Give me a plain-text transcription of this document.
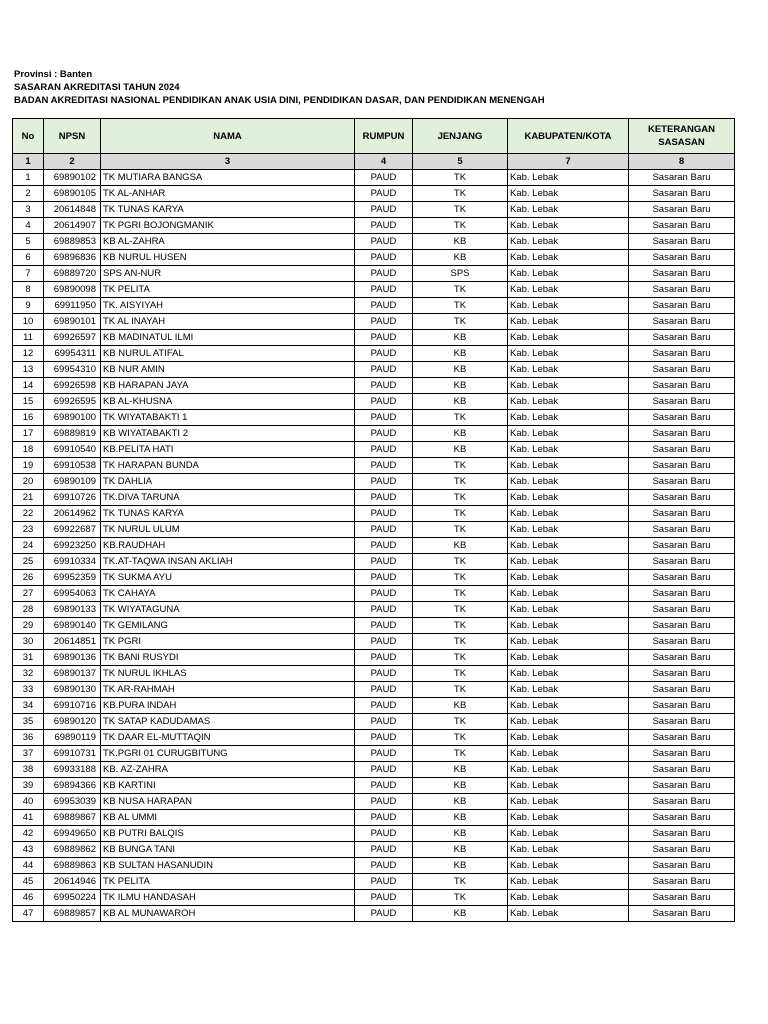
Provinsi : Banten
SASARAN AKREDITASI TAHUN 2024
BADAN AKREDITASI NASIONAL PENDIDIKAN ANAK USIA DINI, PENDIDIKAN DASAR, DAN PENDIDIKAN MENENGAH
No	NPSN	NAMA	RUMPUN	JENJANG	KABUPATEN/KOTA	KETERANGAN
SASASAN

1	2	3	4	5	7	8
1	69890102	TK MUTIARA BANGSA	PAUD	TK	Kab. Lebak	Sasaran Baru
2	69890105	TK AL-ANHAR	PAUD	TK	Kab. Lebak	Sasaran Baru
3	20614848	TK TUNAS KARYA	PAUD	TK	Kab. Lebak	Sasaran Baru
4	20614907	TK PGRI BOJONGMANIK	PAUD	TK	Kab. Lebak	Sasaran Baru
5	69889853	KB AL-ZAHRA	PAUD	KB	Kab. Lebak	Sasaran Baru
6	69896836	KB NURUL HUSEN	PAUD	KB	Kab. Lebak	Sasaran Baru
7	69889720	SPS AN-NUR	PAUD	SPS	Kab. Lebak	Sasaran Baru
8	69890098	TK PELITA	PAUD	TK	Kab. Lebak	Sasaran Baru
9	69911950	TK. AISYIYAH	PAUD	TK	Kab. Lebak	Sasaran Baru
10	69890101	TK AL INAYAH	PAUD	TK	Kab. Lebak	Sasaran Baru
11	69926597	KB MADINATUL ILMI	PAUD	KB	Kab. Lebak	Sasaran Baru
12	69954311	KB NURUL ATIFAL	PAUD	KB	Kab. Lebak	Sasaran Baru
13	69954310	KB NUR AMIN	PAUD	KB	Kab. Lebak	Sasaran Baru
14	69926598	KB HARAPAN JAYA	PAUD	KB	Kab. Lebak	Sasaran Baru
15	69926595	KB AL-KHUSNA	PAUD	KB	Kab. Lebak	Sasaran Baru
16	69890100	TK WIYATABAKTI 1	PAUD	TK	Kab. Lebak	Sasaran Baru
17	69889819	KB WIYATABAKTI 2	PAUD	KB	Kab. Lebak	Sasaran Baru
18	69910540	KB.PELITA HATI	PAUD	KB	Kab. Lebak	Sasaran Baru
19	69910538	TK HARAPAN BUNDA	PAUD	TK	Kab. Lebak	Sasaran Baru
20	69890109	TK DAHLIA	PAUD	TK	Kab. Lebak	Sasaran Baru
21	69910726	TK.DIVA TARUNA	PAUD	TK	Kab. Lebak	Sasaran Baru
22	20614962	TK TUNAS KARYA	PAUD	TK	Kab. Lebak	Sasaran Baru
23	69922687	TK NURUL ULUM	PAUD	TK	Kab. Lebak	Sasaran Baru
24	69923250	KB.RAUDHAH	PAUD	KB	Kab. Lebak	Sasaran Baru
25	69910334	TK.AT-TAQWA INSAN AKLIAH	PAUD	TK	Kab. Lebak	Sasaran Baru
26	69952359	TK SUKMA AYU	PAUD	TK	Kab. Lebak	Sasaran Baru
27	69954063	TK CAHAYA	PAUD	TK	Kab. Lebak	Sasaran Baru
28	69890133	TK WIYATAGUNA	PAUD	TK	Kab. Lebak	Sasaran Baru
29	69890140	TK GEMILANG	PAUD	TK	Kab. Lebak	Sasaran Baru
30	20614851	TK PGRI	PAUD	TK	Kab. Lebak	Sasaran Baru
31	69890136	TK BANI RUSYDI	PAUD	TK	Kab. Lebak	Sasaran Baru
32	69890137	TK NURUL IKHLAS	PAUD	TK	Kab. Lebak	Sasaran Baru
33	69890130	TK AR-RAHMAH	PAUD	TK	Kab. Lebak	Sasaran Baru
34	69910716	KB.PURA INDAH	PAUD	KB	Kab. Lebak	Sasaran Baru
35	69890120	TK SATAP KADUDAMAS	PAUD	TK	Kab. Lebak	Sasaran Baru
36	69890119	TK DAAR EL-MUTTAQIN	PAUD	TK	Kab. Lebak	Sasaran Baru
37	69910731	TK.PGRI 01 CURUGBITUNG	PAUD	TK	Kab. Lebak	Sasaran Baru
38	69933188	KB. AZ-ZAHRA	PAUD	KB	Kab. Lebak	Sasaran Baru
39	69894366	KB KARTINI	PAUD	KB	Kab. Lebak	Sasaran Baru
40	69953039	KB NUSA HARAPAN	PAUD	KB	Kab. Lebak	Sasaran Baru
41	69889867	KB AL UMMI	PAUD	KB	Kab. Lebak	Sasaran Baru
42	69949650	KB PUTRI BALQIS	PAUD	KB	Kab. Lebak	Sasaran Baru
43	69889862	KB BUNGA TANI	PAUD	KB	Kab. Lebak	Sasaran Baru
44	69889863	KB SULTAN HASANUDIN	PAUD	KB	Kab. Lebak	Sasaran Baru
45	20614946	TK PELITA	PAUD	TK	Kab. Lebak	Sasaran Baru
46	69950224	TK ILMU HANDASAH	PAUD	TK	Kab. Lebak	Sasaran Baru
47	69889857	KB AL MUNAWAROH	PAUD	KB	Kab. Lebak	Sasaran Baru
